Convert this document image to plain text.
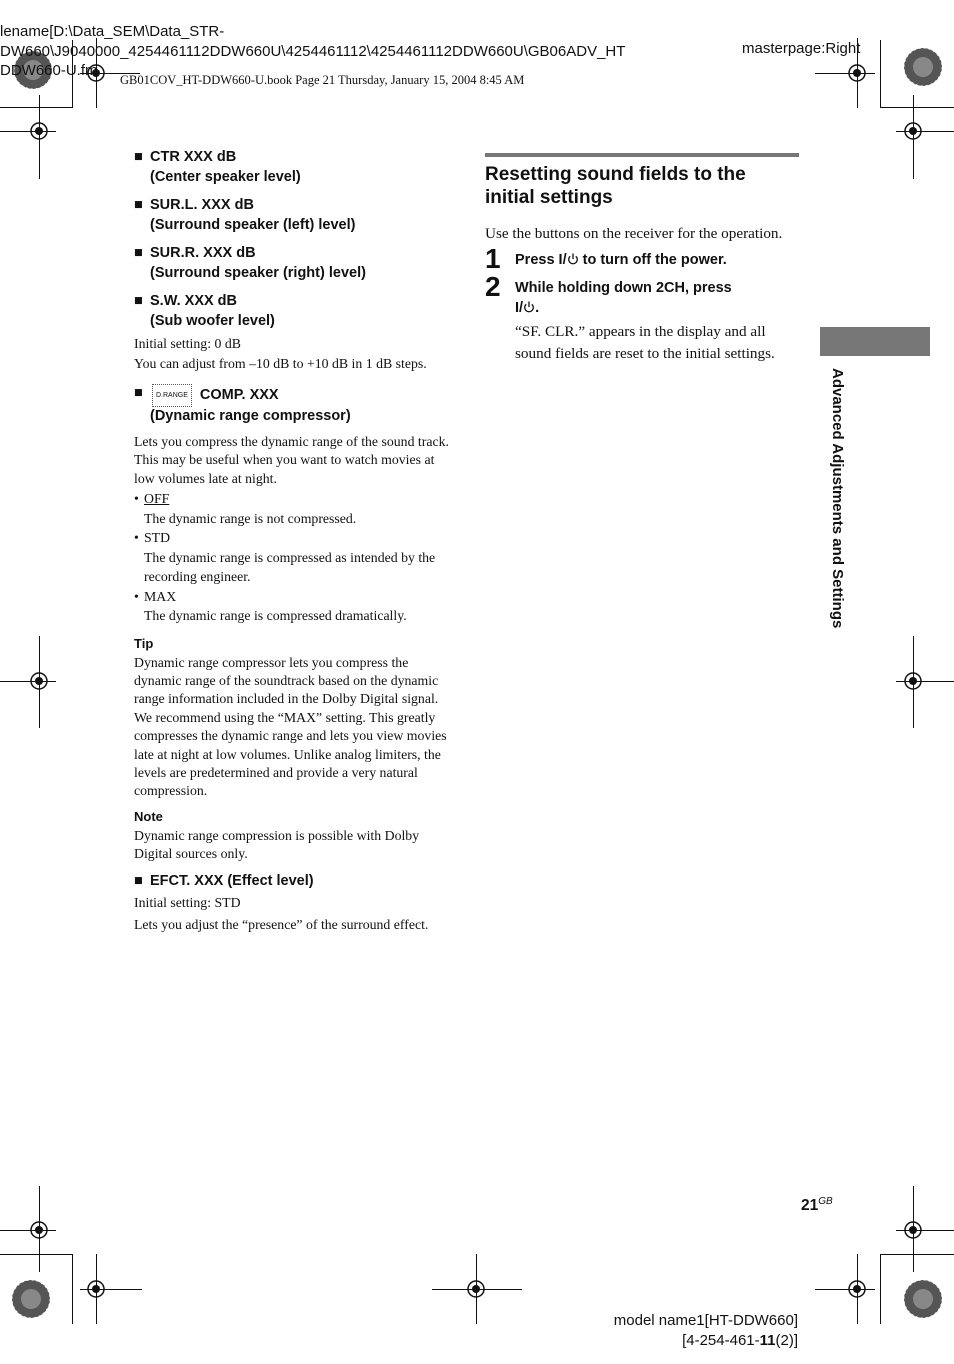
lename[D:\Data_SEM\Data_STR-
DW660\J9040000_4254461112DDW660U\4254461112\4254461112DDW660U\GB06ADV_HT
DDW660-U.fm
GB01COV_HT-DDW660-U.book Page 21 Thursday, January 15, 2004 8:45 AM
masterpage:Right
■ CTR XXX dB
(Center speaker level)
■ SUR.L. XXX dB
(Surround speaker (left) level)
■ SUR.R. XXX dB
(Surround speaker (right) level)
■ S.W. XXX dB
(Sub woofer level)

Initial setting: 0 dB

You can adjust from –10 dB to +10 dB in 1 dB steps.

■	D.RANGE COMP. XXX
(Dynamic range compressor)

Lets you compress the dynamic range of the sound track. This may be useful when you want to watch movies at low volumes late at night.

• OFF
The dynamic range is not compressed.
• STD
The dynamic range is compressed as intended by the recording engineer.
• MAX
The dynamic range is compressed dramatically.
Tip

Dynamic range compressor lets you compress the dynamic range of the soundtrack based on the dynamic range information included in the Dolby Digital signal. We recommend using the “MAX” setting. This greatly compresses the dynamic range and lets you view movies late at night at low volumes. Unlike analog limiters, the levels are predetermined and provide a very natural compression.

Note

Dynamic range compression is possible with Dolby Digital sources only.

■ EFCT. XXX (Effect level)

Initial setting: STD

Lets you adjust the “presence” of the surround effect.

Resetting sound fields to the initial settings
Use the buttons on the receiver for the operation.
1 Press I/ to turn off the power.
2 While holding down 2CH, press
I/ .
“SF. CLR.” appears in the display and all sound fields are reset to the initial settings.
Advanced Adjustments and Settings
$21^{GB}$
model name1[HT-DDW660]
[4-254-461-11(2)]
